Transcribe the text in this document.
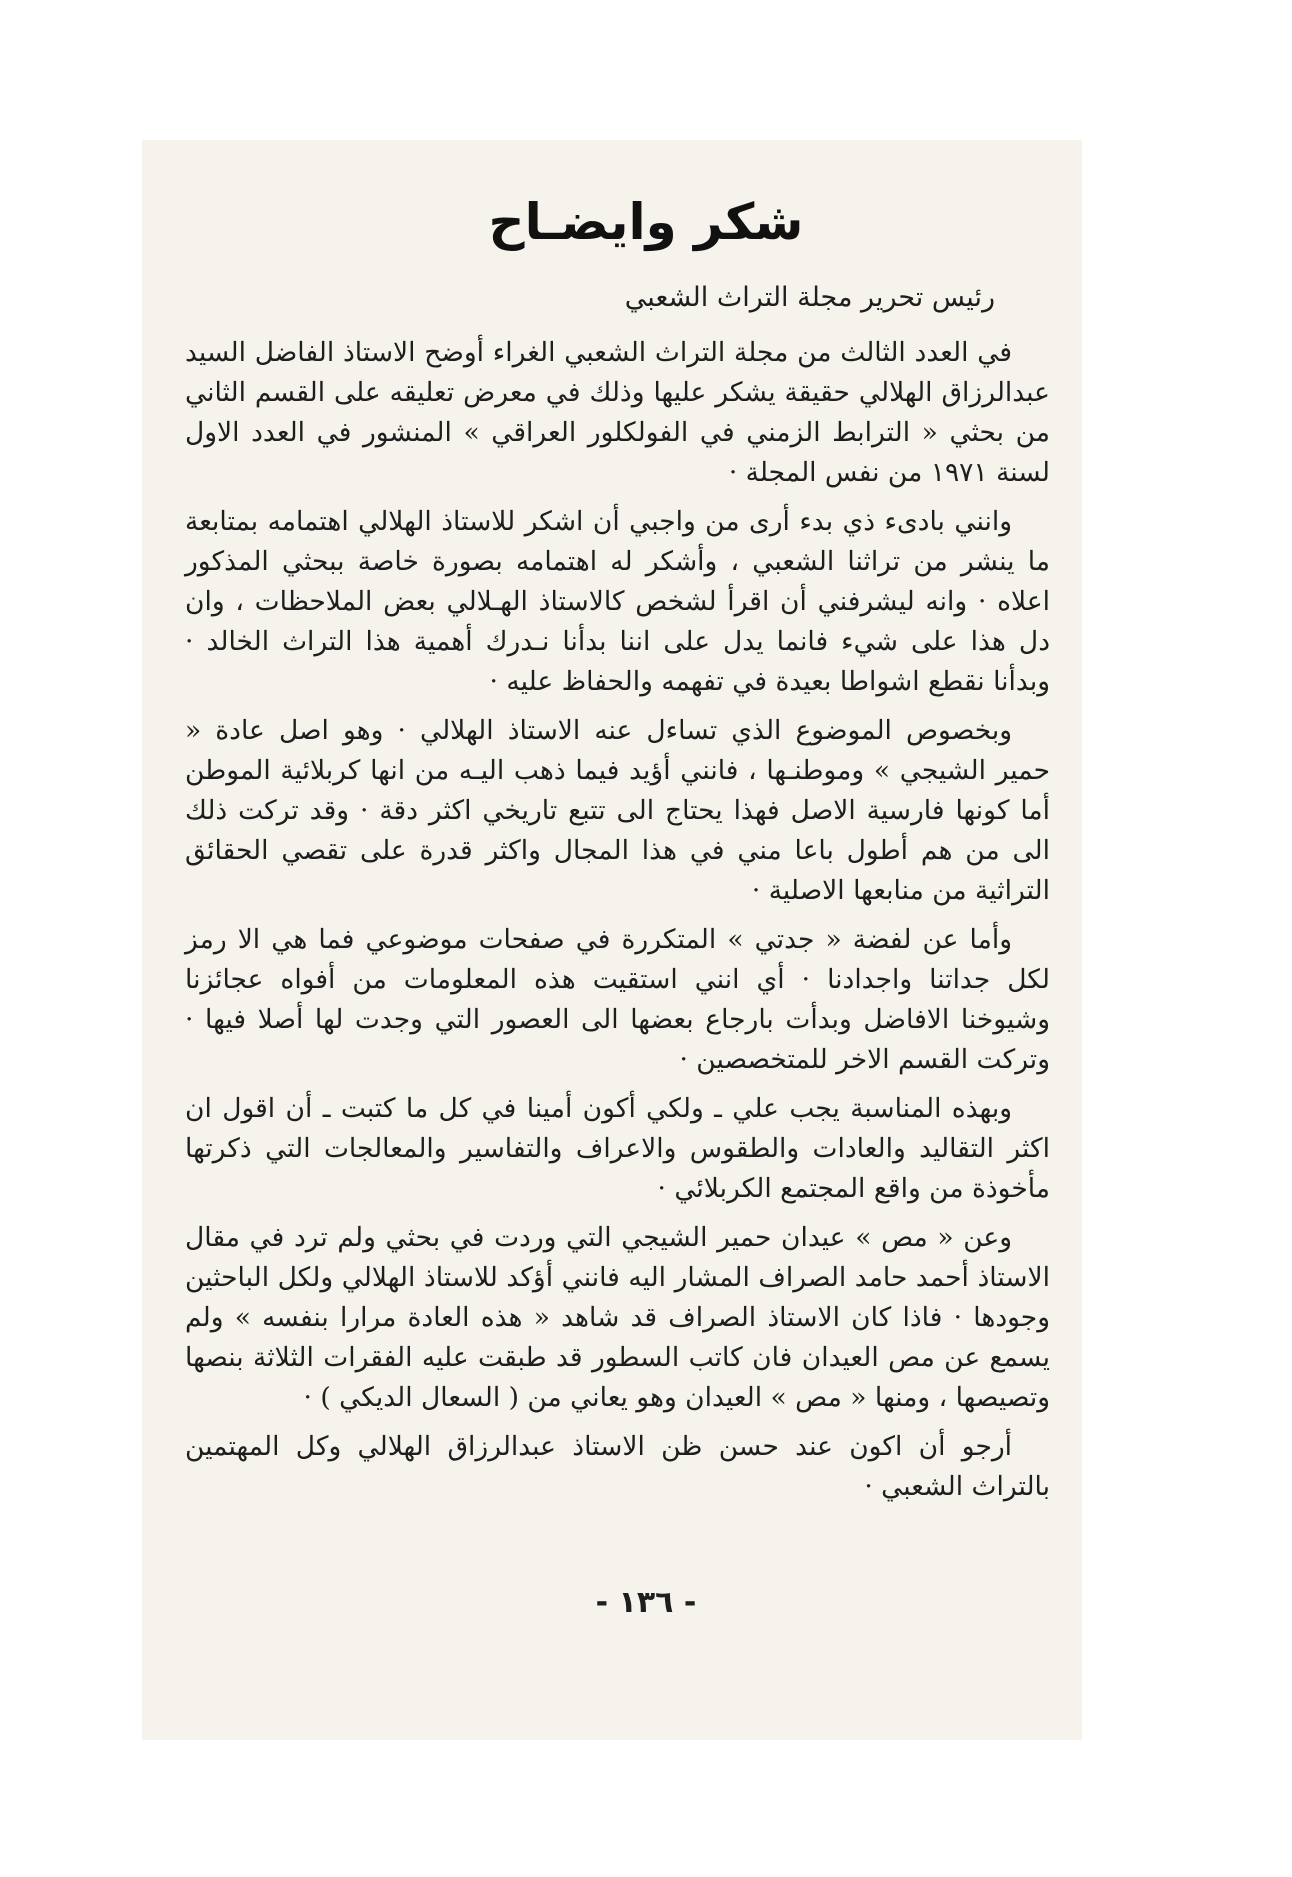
شكر وايضـاح

رئيس تحرير مجلة التراث الشعبي

في العدد الثالث من مجلة التراث الشعبي الغراء أوضح الاستاذ الفاضل السيد عبدالرزاق الهلالي حقيقة يشكر عليها وذلك في معرض تعليقه على القسم الثاني من بحثي « الترابط الزمني في الفولكلور العراقي » المنشور في العدد الاول لسنة ١٩٧١ من نفس المجلة ·

وانني بادىء ذي بدء أرى من واجبي أن اشكر للاستاذ الهلالي اهتمامه بمتابعة ما ينشر من تراثنا الشعبي ، وأشكر له اهتمامه بصورة خاصة ببحثي المذكور اعلاه · وانه ليشرفني أن اقرأ لشخص كالاستاذ الهـلالي بعض الملاحظات ، وان دل هذا على شيء فانما يدل على اننا بدأنا نـدرك أهمية هذا التراث الخالد · وبدأنا نقطع اشواطا بعيدة في تفهمه والحفاظ عليه ·

وبخصوص الموضوع الذي تساءل عنه الاستاذ الهلالي · وهو اصل عادة « حمير الشيجي » وموطنـها ، فانني أؤيد فيما ذهب اليـه من انها كربلائية الموطن أما كونها فارسية الاصل فهذا يحتاج الى تتبع تاريخي اكثر دقة · وقد تركت ذلك الى من هم أطول باعا مني في هذا المجال واكثر قدرة على تقصي الحقائق التراثية من منابعها الاصلية ·

وأما عن لفضة « جدتي » المتكررة في صفحات موضوعي فما هي الا رمز لكل جداتنا واجدادنا · أي انني استقيت هذه المعلومات من أفواه عجائزنا وشيوخنا الافاضل وبدأت بارجاع بعضها الى العصور التي وجدت لها أصلا فيها · وتركت القسم الاخر للمتخصصين ·

وبهذه المناسبة يجب علي ـ ولكي أكون أمينا في كل ما كتبت ـ أن اقول ان اكثر التقاليد والعادات والطقوس والاعراف والتفاسير والمعالجات التي ذكرتها مأخوذة من واقع المجتمع الكربلائي ·

وعن « مص » عيدان حمير الشيجي التي وردت في بحثي ولم ترد في مقال الاستاذ أحمد حامد الصراف المشار اليه فانني أؤكد للاستاذ الهلالي ولكل الباحثين وجودها · فاذا كان الاستاذ الصراف قد شاهد « هذه العادة مرارا بنفسه » ولم يسمع عن مص العيدان فان كاتب السطور قد طبقت عليه الفقرات الثلاثة بنصها وتصيصها ، ومنها « مص » العيدان وهو يعاني من ( السعال الديكي ) ·

أرجو أن اكون عند حسن ظن الاستاذ عبدالرزاق الهلالي وكل المهتمين بالتراث الشعبي ·

- ١٣٦ -
